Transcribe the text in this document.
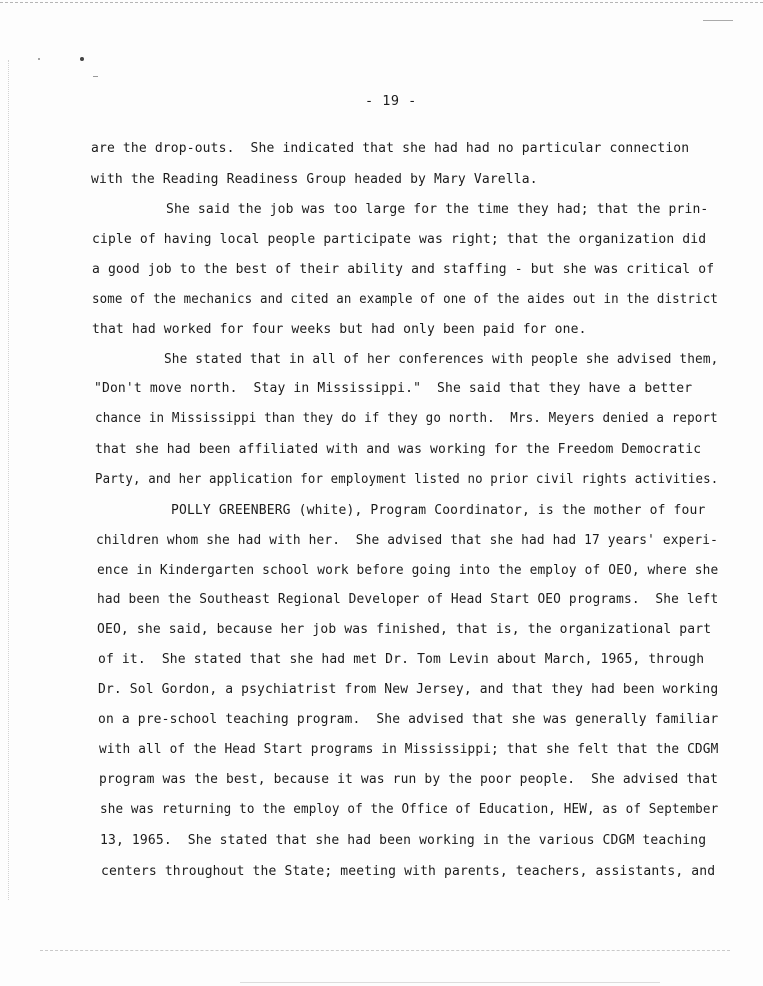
- 19 -
are the drop-outs.  She indicated that she had had no particular connection
with the Reading Readiness Group headed by Mary Varella.
She said the job was too large for the time they had; that the prin-
ciple of having local people participate was right; that the organization did
a good job to the best of their ability and staffing - but she was critical of
some of the mechanics and cited an example of one of the aides out in the district
that had worked for four weeks but had only been paid for one.
She stated that in all of her conferences with people she advised them,
"Don't move north.  Stay in Mississippi."  She said that they have a better
chance in Mississippi than they do if they go north.  Mrs. Meyers denied a report
that she had been affiliated with and was working for the Freedom Democratic
Party, and her application for employment listed no prior civil rights activities.
POLLY GREENBERG (white), Program Coordinator, is the mother of four
children whom she had with her.  She advised that she had had 17 years' experi-
ence in Kindergarten school work before going into the employ of OEO, where she
had been the Southeast Regional Developer of Head Start OEO programs.  She left
OEO, she said, because her job was finished, that is, the organizational part
of it.  She stated that she had met Dr. Tom Levin about March, 1965, through
Dr. Sol Gordon, a psychiatrist from New Jersey, and that they had been working
on a pre-school teaching program.  She advised that she was generally familiar
with all of the Head Start programs in Mississippi; that she felt that the CDGM
program was the best, because it was run by the poor people.  She advised that
she was returning to the employ of the Office of Education, HEW, as of September
13, 1965.  She stated that she had been working in the various CDGM teaching
centers throughout the State; meeting with parents, teachers, assistants, and
